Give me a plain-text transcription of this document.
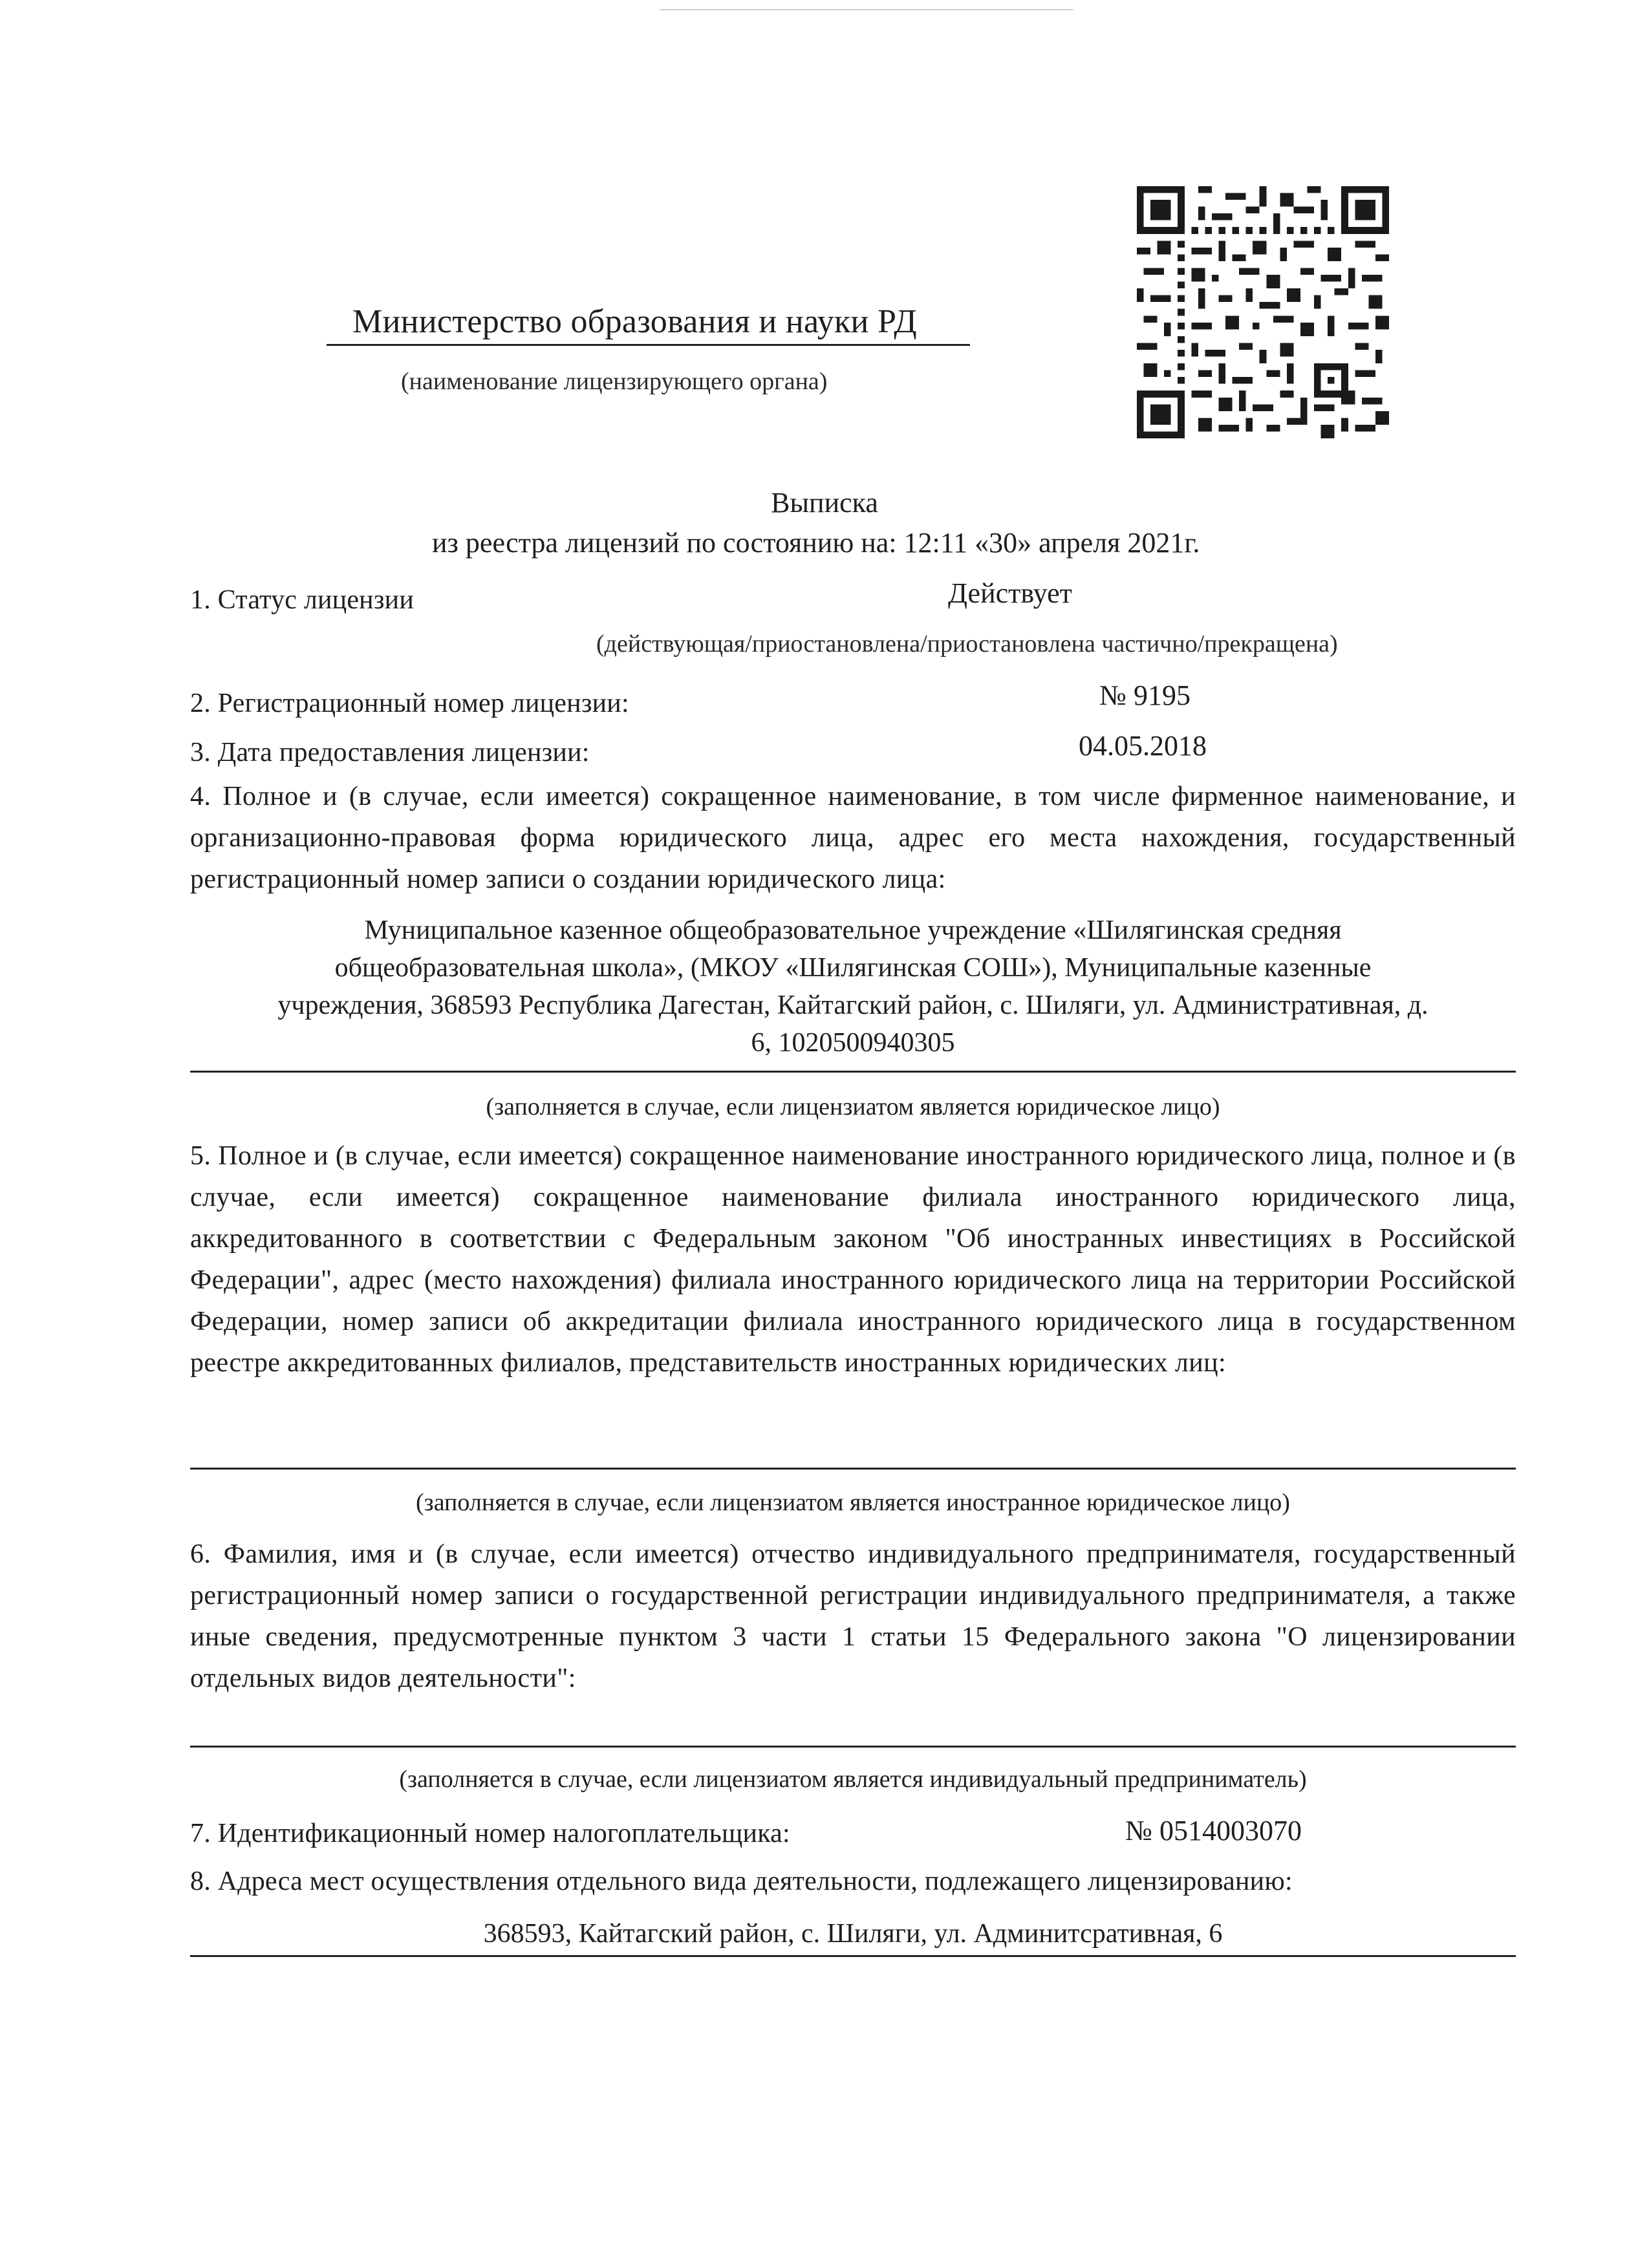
Министерство образования и науки РД
(наименование лицензирующего органа)
Выписка
из реестра лицензий по состоянию на: 12:11 «30» апреля 2021г.
1. Статус лицензии	Действует
(действующая/приостановлена/приостановлена частично/прекращена)
2. Регистрационный номер лицензии:	№ 9195
3. Дата предоставления лицензии:	04.05.2018
4. Полное и (в случае, если имеется) сокращенное наименование, в том числе фирменное наименование, и организационно-правовая форма юридического лица, адрес его места нахождения, государственный регистрационный номер записи о создании юридического лица:
Муниципальное казенное общеобразовательное учреждение «Шилягинская средняя
общеобразовательная школа», (МКОУ «Шилягинская СОШ»), Муниципальные казенные
учреждения, 368593 Республика Дагестан, Кайтагский район, с. Шиляги, ул. Административная, д.
6, 1020500940305
(заполняется в случае, если лицензиатом является юридическое лицо)
5. Полное и (в случае, если имеется) сокращенное наименование иностранного юридического лица, полное и (в случае, если имеется) сокращенное наименование филиала иностранного юридического лица, аккредитованного в соответствии с Федеральным законом "Об иностранных инвестициях в Российской Федерации", адрес (место нахождения) филиала иностранного юридического лица на территории Российской Федерации, номер записи об аккредитации филиала иностранного юридического лица в государственном реестре аккредитованных филиалов, представительств иностранных юридических лиц:
(заполняется в случае, если лицензиатом является иностранное юридическое лицо)
6. Фамилия, имя и (в случае, если имеется) отчество индивидуального предпринимателя, государственный регистрационный номер записи о государственной регистрации индивидуального предпринимателя, а также иные сведения, предусмотренные пунктом 3 части 1 статьи 15 Федерального закона "О лицензировании отдельных видов деятельности":
(заполняется в случае, если лицензиатом является индивидуальный предприниматель)
7. Идентификационный номер налогоплательщика:	№ 0514003070
8. Адреса мест осуществления отдельного вида деятельности, подлежащего лицензированию:
368593, Кайтагский район, с. Шиляги, ул. Админитсративная, 6
